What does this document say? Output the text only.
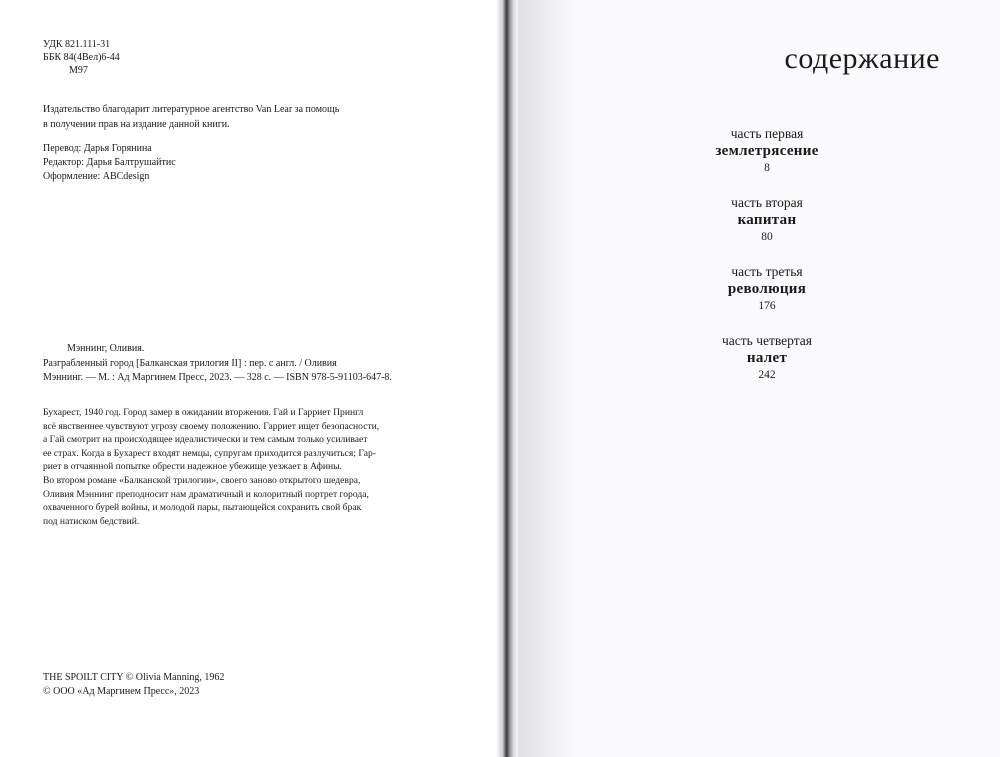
УДК 821.111-31
ББК 84(4Вел)6-44
М97
Издательство благодарит литературное агентство Van Lear за помощь
в получении прав на издание данной книги.
Перевод: Дарья Горянина
Редактор: Дарья Балтрушайтис
Оформление: ABCdesign
Мэннинг, Оливия.
Разграбленный город [Балканская трилогия II] : пер. с англ. / Оливия
Мэннинг. — М. : Ад Маргинем Пресс, 2023. — 328 с. — ISBN 978-5-91103-647-8.

Бухарест, 1940 год. Город замер в ожидании вторжения. Гай и Гарриет Прингл

всё явственнее чувствуют угрозу своему положению. Гарриет ищет безопасности,

а Гай смотрит на происходящее идеалистически и тем самым только усиливает

ее страх. Когда в Бухарест входят немцы, супругам приходится разлучиться; Гар-

риет в отчаянной попытке обрести надежное убежище уезжает в Афины.

Во втором романе «Балканской трилогии», своего заново открытого шедевра,

Оливия Мэннинг преподносит нам драматичный и колоритный портрет города,

охваченного бурей войны, и молодой пары, пытающейся сохранить свой брак

под натиском бедствий.

THE SPOILT CITY © Olivia Manning, 1962
© ООО «Ад Маргинем Пресс», 2023
содержание
часть первая
землетрясение
8
часть вторая
капитан
80
часть третья
революция
176
часть четвертая
налет
242
